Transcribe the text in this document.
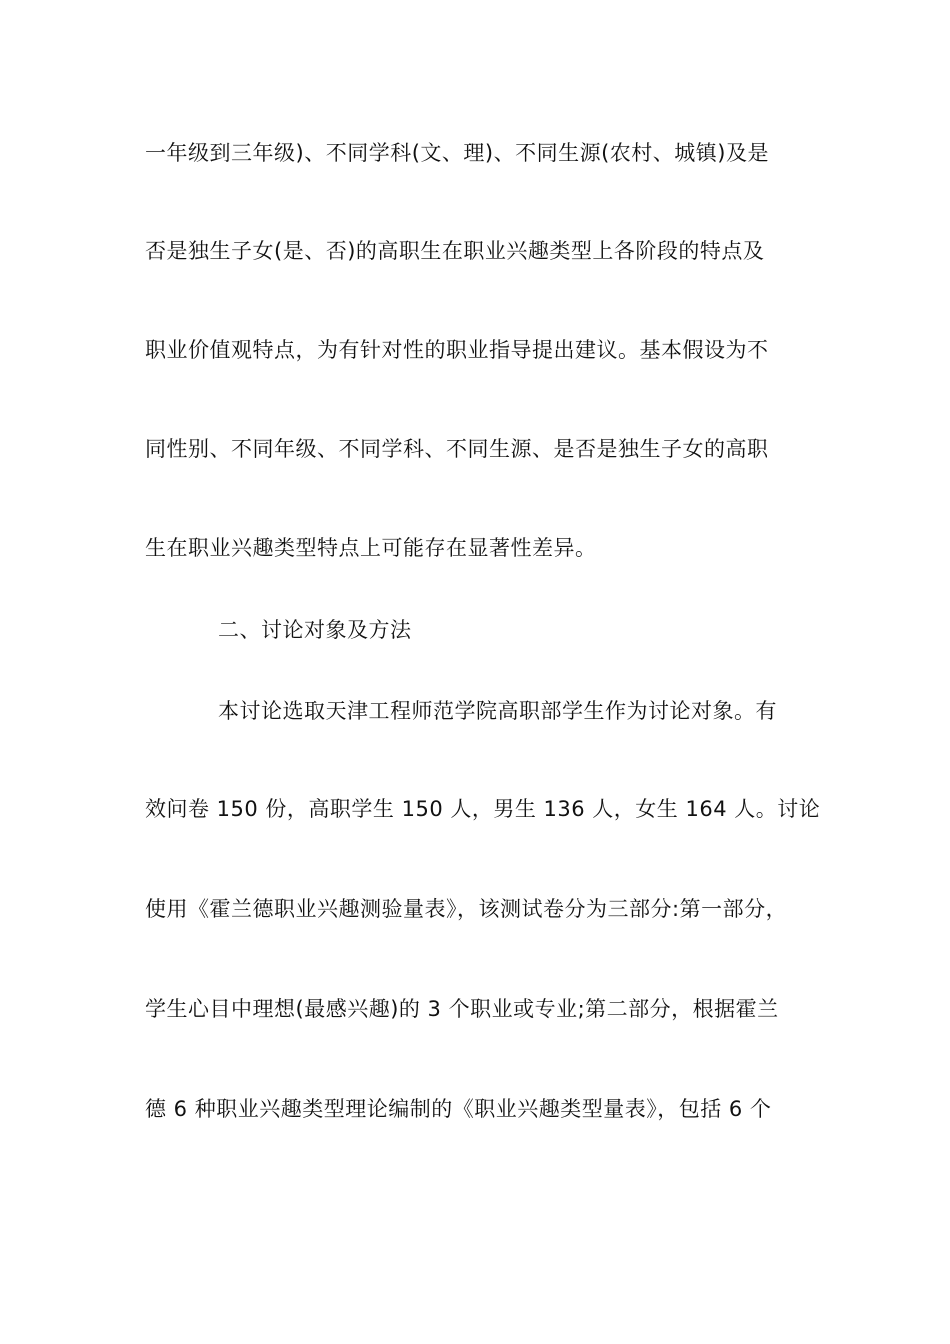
一年级到三年级)、不同学科(文、理)、不同生源(农村、城镇)及是
否是独生子女(是、否)的高职生在职业兴趣类型上各阶段的特点及
职业价值观特点，为有针对性的职业指导提出建议。基本假设为不
同性别、不同年级、不同学科、不同生源、是否是独生子女的高职
生在职业兴趣类型特点上可能存在显著性差异。
二、讨论对象及方法
本讨论选取天津工程师范学院高职部学生作为讨论对象。有
效问卷 150 份，高职学生 150 人，男生 136 人，女生 164 人。讨论
使用《霍兰德职业兴趣测验量表》，该测试卷分为三部分:第一部分，
学生心目中理想(最感兴趣)的 3 个职业或专业;第二部分，根据霍兰
德 6 种职业兴趣类型理论编制的《职业兴趣类型量表》，包括 6 个
